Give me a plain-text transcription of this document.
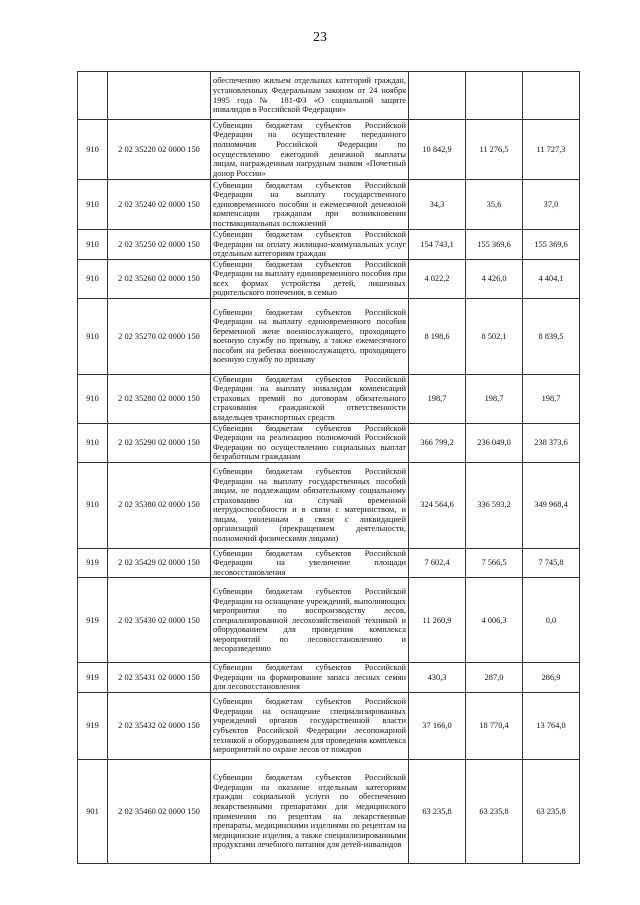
23
		обеспечению жильем отдельных категорий граждан, установленных Федеральным законом от 24 ноября 1995 года № 181-ФЗ «О социальной защите инвалидов в Российской Федерации»			
910	2 02 35220 02 0000 150	Субвенции бюджетам субъектов Российской Федерации на осуществление переданного полномочия Российской Федерации по осуществлению ежегодной денежной выплаты лицам, награжденным нагрудным знаком «Почетный донор России»	10 842,9	11 276,5	11 727,3
910	2 02 35240 02 0000 150	Субвенции бюджетам субъектов Российской Федерации на выплату государственного единовременного пособия и ежемесячной денежной компенсации гражданам при возникновении поствакцинальных осложнений	34,3	35,6	37,0
910	2 02 35250 02 0000 150	Субвенции бюджетам субъектов Российской Федерации на оплату жилищно-коммунальных услуг отдельным категориям граждан	154 743,1	155 369,6	155 369,6
910	2 02 35260 02 0000 150	Субвенции бюджетам субъектов Российской Федерации на выплату единовременного пособия при всех формах устройства детей, лишенных родительского попечения, в семью	4 022,2	4 426,0	4 404,1
910	2 02 35270 02 0000 150	Субвенции бюджетам субъектов Российской Федерации на выплату единовременного пособия беременной жене военнослужащего, проходящего военную службу по призыву, а также ежемесячного пособия на ребенка военнослужащего, проходящего военную службу по призыву	8 198,6	8 502,1	8 839,5
910	2 02 35280 02 0000 150	Субвенции бюджетам субъектов Российской Федерации на выплату инвалидам компенсаций страховых премий по договорам обязательного страхования гражданской ответственности владельцев транспортных средств	198,7	198,7	198,7
910	2 02 35290 02 0000 150	Субвенции бюджетам субъектов Российской Федерации на реализацию полномочий Российской Федерации по осуществлению социальных выплат безработным гражданам	366 799,2	236 049,0	238 373,6
910	2 02 35380 02 0000 150	Субвенции бюджетам субъектов Российской Федерации на выплату государственных пособий лицам, не подлежащим обязательному социальному страхованию на случай временной нетрудоспособности и в связи с материнством, и лицам, уволенным в связи с ликвидацией организаций (прекращением деятельности, полномочий физическими лицами)	324 564,6	336 593,2	349 968,4
919	2 02 35429 02 0000 150	Субвенции бюджетам субъектов Российской Федерации на увеличение площади лесовосстановления	7 602,4	7 566,5	7 745,8
919	2 02 35430 02 0000 150	Субвенции бюджетам субъектов Российской Федерации на оснащение учреждений, выполняющих мероприятия по воспроизводству лесов, специализированной лесохозяйственной техникой и оборудованием для проведения комплекса мероприятий по лесовосстановлению и лесоразведению	11 260,9	4 006,3	0,0
919	2 02 35431 02 0000 150	Субвенции бюджетам субъектов Российской Федерации на формирование запаса лесных семян для лесовосстановления	430,3	287,0	286,9
919	2 02 35432 02 0000 150	Субвенции бюджетам субъектов Российской Федерации на оснащение специализированных учреждений органов государственной власти субъектов Российской Федерации лесопожарной техникой и оборудованием для проведения комплекса мероприятий по охране лесов от пожаров	37 166,0	18 770,4	13 764,0
901	2 02 35460 02 0000 150	Субвенции бюджетам субъектов Российской Федерации на оказание отдельным категориям граждан социальной услуги по обеспечению лекарственными препаратами для медицинского применения по рецептам на лекарственные препараты, медицинскими изделиями по рецептам на медицинские изделия, а также специализированными продуктами лечебного питания для детей-инвалидов	63 235,8	63 235,8	63 235,8
